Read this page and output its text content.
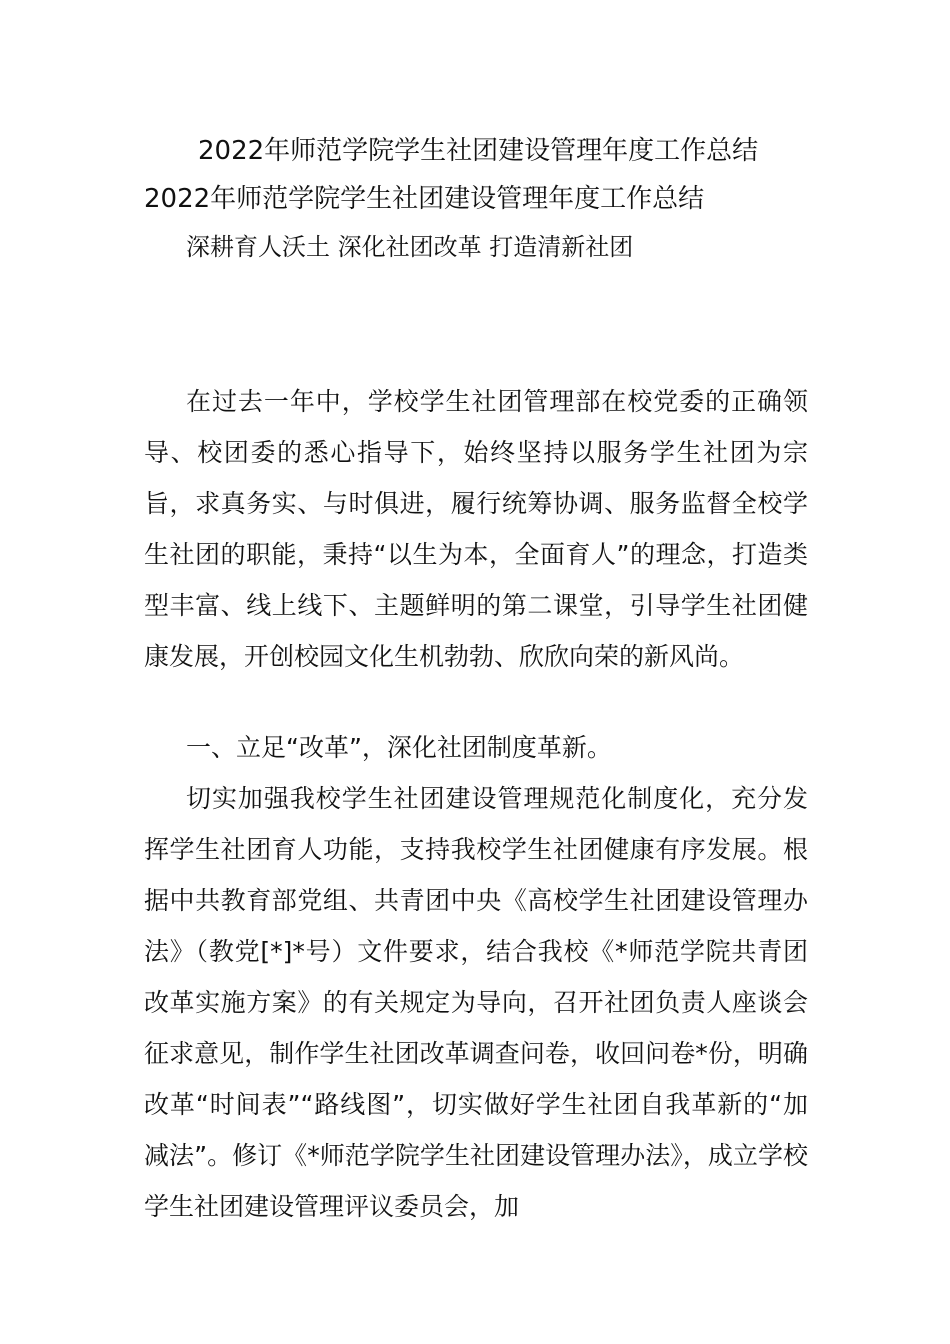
2022年师范学院学生社团建设管理年度工作总结
2022年师范学院学生社团建设管理年度工作总结
深耕育人沃土 深化社团改革 打造清新社团
在过去一年中，学校学生社团管理部在校党委的正确领导、校团委的悉心指导下，始终坚持以服务学生社团为宗旨，求真务实、与时俱进，履行统筹协调、服务监督全校学生社团的职能，秉持“以生为本，全面育人”的理念，打造类型丰富、线上线下、主题鲜明的第二课堂，引导学生社团健康发展，开创校园文化生机勃勃、欣欣向荣的新风尚。
一、立足“改革”，深化社团制度革新。
切实加强我校学生社团建设管理规范化制度化，充分发挥学生社团育人功能，支持我校学生社团健康有序发展。根据中共教育部党组、共青团中央《高校学生社团建设管理办法》（教党[*]*号）文件要求，结合我校《*师范学院共青团改革实施方案》的有关规定为导向，召开社团负责人座谈会征求意见，制作学生社团改革调查问卷，收回问卷*份，明确改革“时间表”“路线图”，切实做好学生社团自我革新的“加减法”。修订《*师范学院学生社团建设管理办法》，成立学校学生社团建设管理评议委员会，加
